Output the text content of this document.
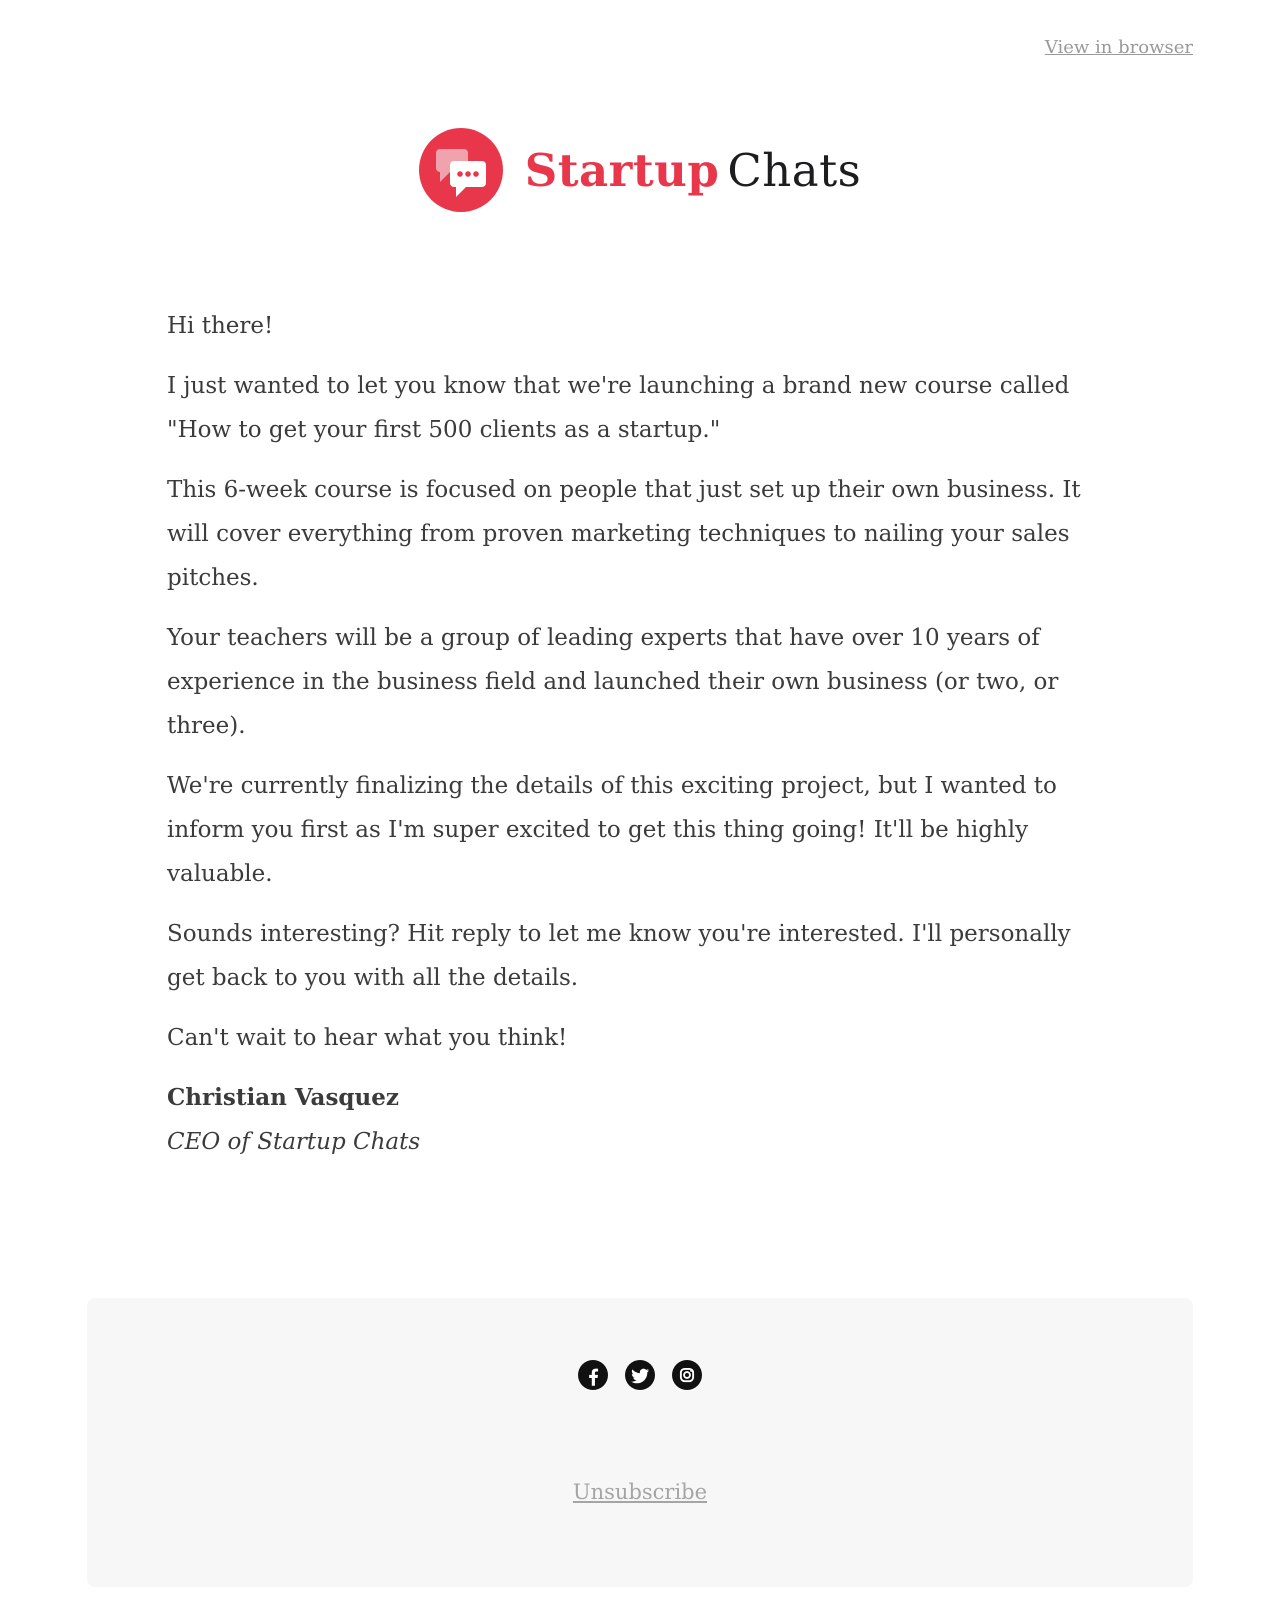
View in browser
Startup Chats

Hi there!

I just wanted to let you know that we're launching a brand new course called "How to get your first 500 clients as a startup."

This 6-week course is focused on people that just set up their own business. It will cover everything from proven marketing techniques to nailing your sales pitches.

Your teachers will be a group of leading experts that have over 10 years of experience in the business field and launched their own business (or two, or three).

We're currently finalizing the details of this exciting project, but I wanted to inform you first as I'm super excited to get this thing going! It'll be highly valuable.

Sounds interesting? Hit reply to let me know you're interested. I'll personally get back to you with all the details.

Can't wait to hear what you think!

Christian Vasquez

CEO of Startup Chats

Unsubscribe
